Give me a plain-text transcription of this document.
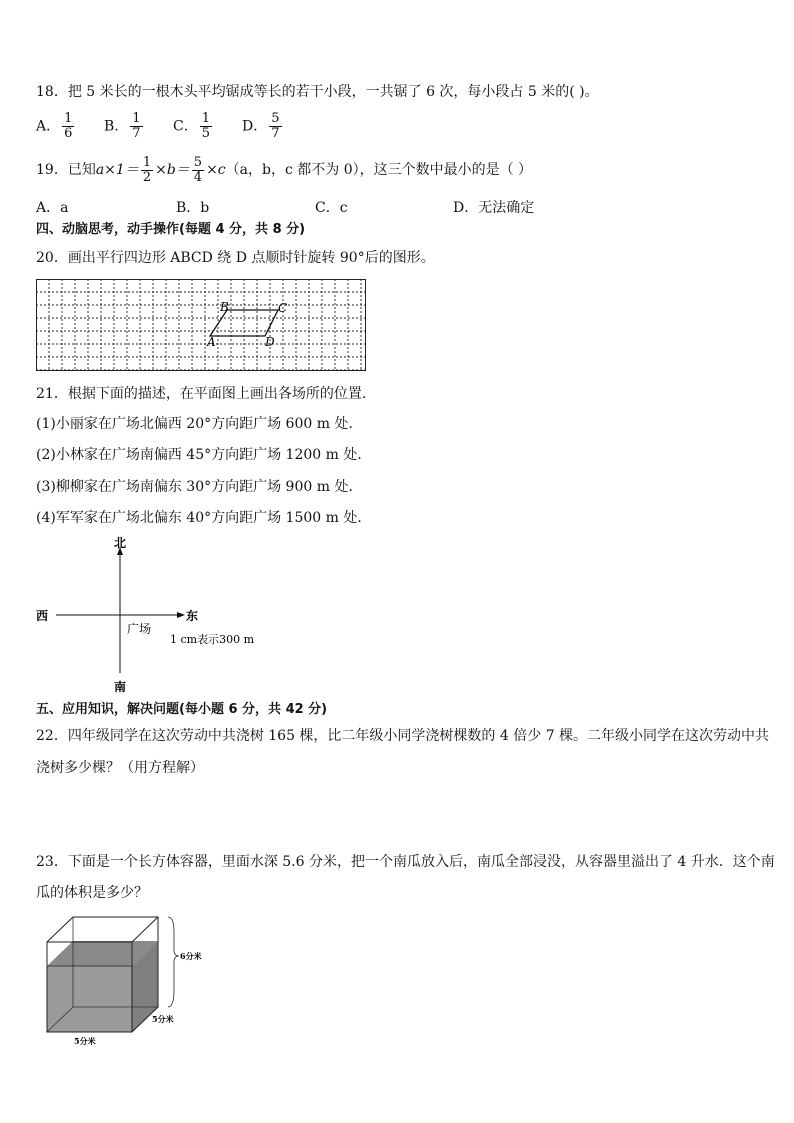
18．把 5 米长的一根木头平均锯成等长的若干小段，一共锯了 6 次，每小段占 5 米的( )。
A． $\frac{1}{6}$ B． $\frac{1}{7}$ C． $\frac{1}{5}$ D． $\frac{5}{7}$
19．已知$a\times 1= \frac{1}{2} \times b= \frac{5}{4} \times c(a$，b，c 都不为 0），这三个数中最小的是（ ）
A．a	B．b	C．c	D．无法确定
四、动脑思考，动手操作(每题 4 分，共 8 分)
20．画出平行四边形 ABCD 绕 D 点顺时针旋转 90°后的图形。
A
B	C
D
21．根据下面的描述，在平面图上画出各场所的位置．
(1)小丽家在广场北偏西 20°方向距广场 600 m 处．
(2)小林家在广场南偏西 45°方向距广场 1200 m 处．
(3)柳柳家在广场南偏东 30°方向距广场 900 m 处．
(4)军军家在广场北偏东 40°方向距广场 1500 m 处．
北
西	东
南
广场
1 cm表示300 m
五、应用知识，解决问题(每小题 6 分，共 42 分)
22．四年级同学在这次劳动中共浇树 165 棵，比二年级小同学浇树棵数的 4 倍少 7 棵。二年级小同学在这次劳动中共
浇树多少棵？（用方程解）
23．下面是一个长方体容器，里面水深 5.6 分米，把一个南瓜放入后，南瓜全部浸没，从容器里溢出了 4 升水．这个南
瓜的体积是多少？
6分米
5分米
5分米
